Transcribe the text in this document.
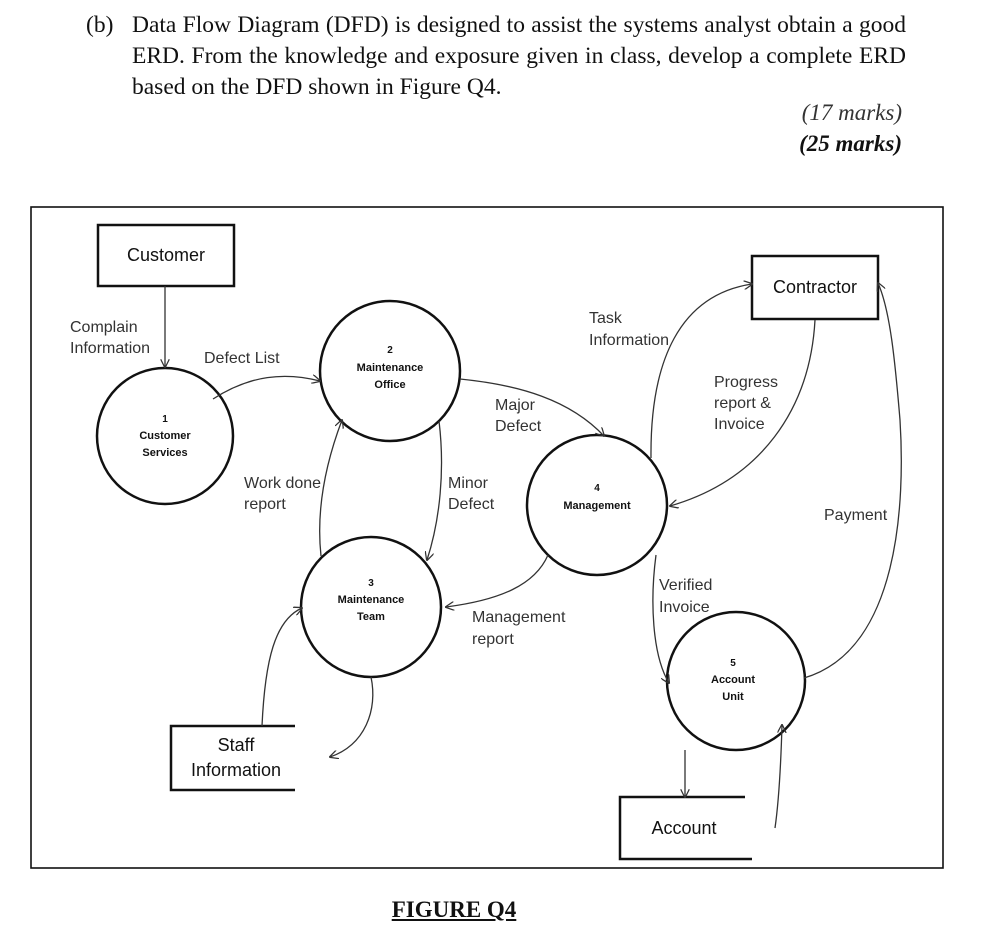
(b) Data Flow Diagram (DFD) is designed to assist the systems analyst obtain a good ERD. From the knowledge and exposure given in class, develop a complete ERD based on the DFD shown in Figure Q4.
(17 marks)
(25 marks)
Customer
Contractor
Staff
Information
Account
1
Customer
Services
2
Maintenance
Office
3
Maintenance
Team
4
Management
5
Account
Unit
Complain
Information
Defect List
Major
Defect
Minor
Defect
Work done
report
Task
Information
Progress
report &
Invoice
Payment
Verified
Invoice
Management
report
FIGURE Q4
